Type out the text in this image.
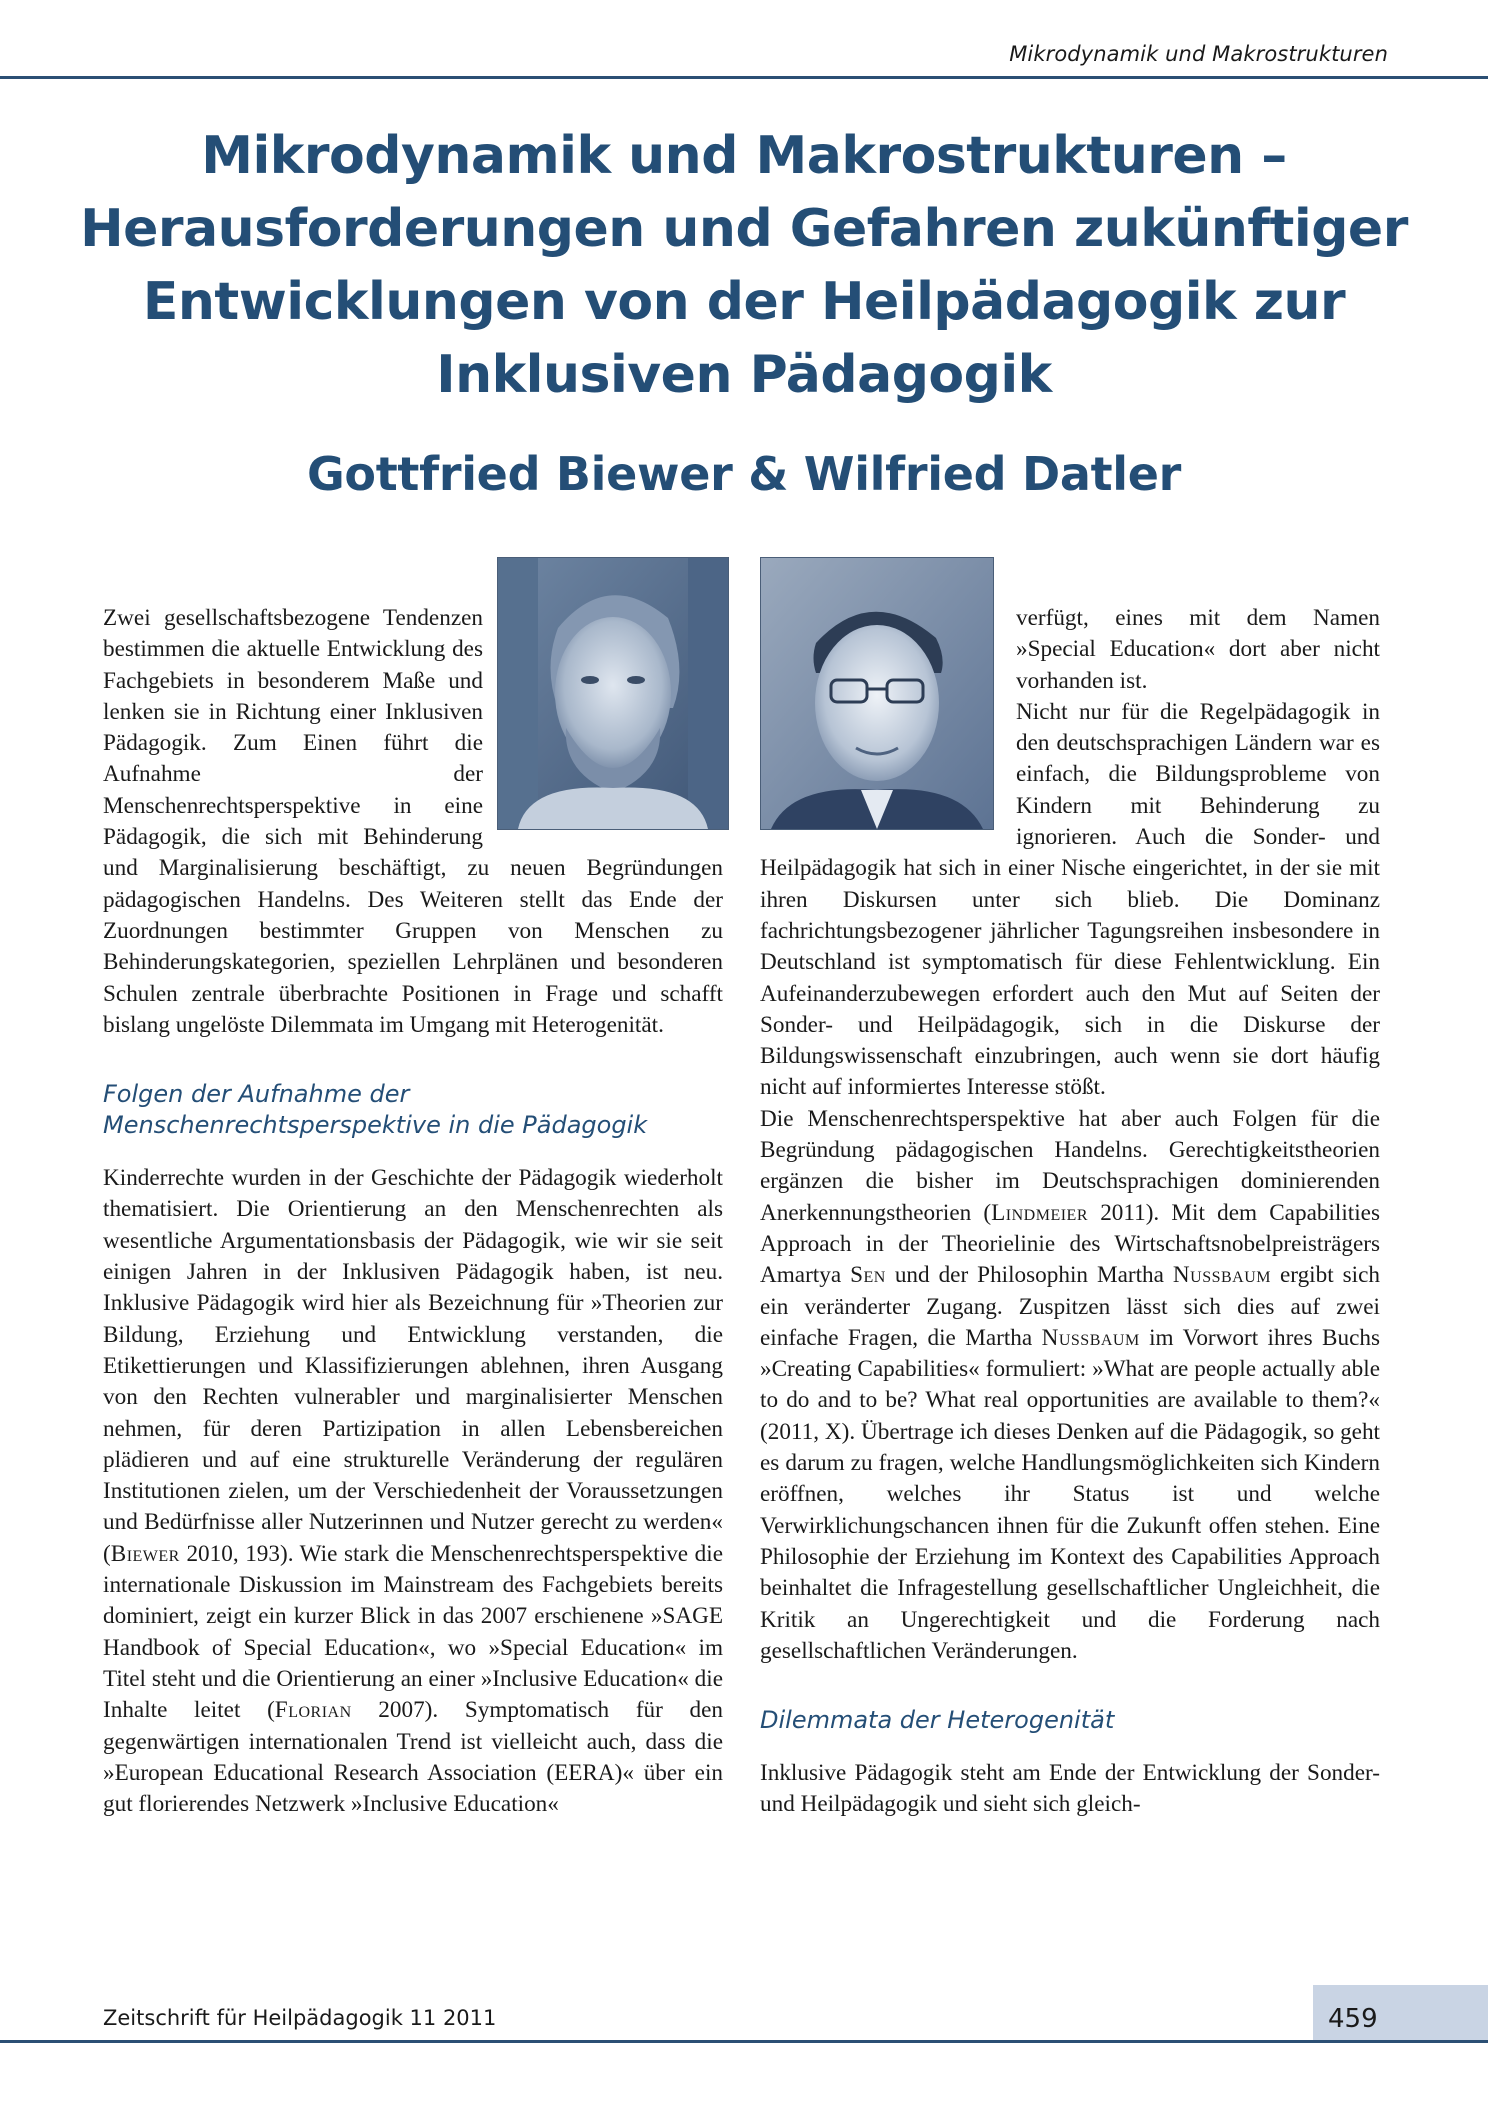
Mikrodynamik und Makrostrukturen
Mikrodynamik und Makrostrukturen –
Herausforderungen und Gefahren zukünftiger
Entwicklungen von der Heilpädagogik zur
Inklusiven Pädagogik
Gottfried Biewer & Wilfried Datler

Zwei gesellschaftsbezogene Tendenzen bestimmen die aktuelle Entwicklung des Fachgebiets in besonderem Maße und lenken sie in Richtung einer Inklusiven Pädagogik. Zum Einen führt die Aufnahme der Menschenrechtsperspektive in eine Pädagogik, die sich mit Behinderung und Marginalisierung beschäftigt, zu neuen Begründungen pädagogischen Handelns. Des Weiteren stellt das Ende der Zuordnungen bestimmter Gruppen von Menschen zu Behinderungskategorien, speziellen Lehrplänen und besonderen Schulen zentrale überbrachte Positionen in Frage und schafft bislang ungelöste Dilemmata im Umgang mit Heterogenität.

Folgen der Aufnahme der Menschenrechtsperspektive in die Pädagogik

Kinderrechte wurden in der Geschichte der Pädagogik wiederholt thematisiert. Die Orientierung an den Menschenrechten als wesentliche Argumentationsbasis der Pädagogik, wie wir sie seit einigen Jahren in der Inklusiven Pädagogik haben, ist neu. Inklusive Pädagogik wird hier als Bezeichnung für »Theorien zur Bildung, Erziehung und Entwicklung verstanden, die Etikettierungen und Klassifizierungen ablehnen, ihren Ausgang von den Rechten vulnerabler und marginalisierter Menschen nehmen, für deren Partizipation in allen Lebensbereichen plädieren und auf eine strukturelle Veränderung der regulären Institutionen zielen, um der Verschiedenheit der Voraussetzungen und Bedürfnisse aller Nutzerinnen und Nutzer gerecht zu werden« (Biewer 2010, 193). Wie stark die Menschenrechtsperspektive die internationale Diskussion im Mainstream des Fachgebiets bereits dominiert, zeigt ein kurzer Blick in das 2007 erschienene »SAGE Handbook of Special Education«, wo »Special Education« im Titel steht und die Orientierung an einer »Inclusive Education« die Inhalte leitet (Florian 2007). Symptomatisch für den gegenwärtigen internationalen Trend ist vielleicht auch, dass die »European Educational Research Association (EERA)« über ein gut florierendes Netzwerk »Inclusive Education«

verfügt, eines mit dem Namen »Special Education« dort aber nicht vorhanden ist.

Nicht nur für die Regelpädagogik in den deutschsprachigen Ländern war es einfach, die Bildungsprobleme von Kindern mit Behinderung zu ignorieren. Auch die Sonder- und Heilpädagogik hat sich in einer Nische eingerichtet, in der sie mit ihren Diskursen unter sich blieb. Die Dominanz fachrichtungsbezogener jährlicher Tagungsreihen insbesondere in Deutschland ist symptomatisch für diese Fehlentwicklung. Ein Aufeinanderzubewegen erfordert auch den Mut auf Seiten der Sonder- und Heilpädagogik, sich in die Diskurse der Bildungswissenschaft einzubringen, auch wenn sie dort häufig nicht auf informiertes Interesse stößt.

Die Menschenrechtsperspektive hat aber auch Folgen für die Begründung pädagogischen Handelns. Gerechtigkeitstheorien ergänzen die bisher im Deutschsprachigen dominierenden Anerkennungstheorien (Lindmeier 2011). Mit dem Capabilities Approach in der Theorielinie des Wirtschaftsnobelpreisträgers Amartya Sen und der Philosophin Martha Nussbaum ergibt sich ein veränderter Zugang. Zuspitzen lässt sich dies auf zwei einfache Fragen, die Martha Nussbaum im Vorwort ihres Buchs »Creating Capabilities« formuliert: »What are people actually able to do and to be? What real opportunities are available to them?« (2011, X). Übertrage ich dieses Denken auf die Pädagogik, so geht es darum zu fragen, welche Handlungsmöglichkeiten sich Kindern eröffnen, welches ihr Status ist und welche Verwirklichungschancen ihnen für die Zukunft offen stehen. Eine Philosophie der Erziehung im Kontext des Capabilities Approach beinhaltet die Infragestellung gesellschaftlicher Ungleichheit, die Kritik an Ungerechtigkeit und die Forderung nach gesellschaftlichen Veränderungen.

Dilemmata der Heterogenität

Inklusive Pädagogik steht am Ende der Entwicklung der Sonder- und Heilpädagogik und sieht sich gleich-

Zeitschrift für Heilpädagogik 11 2011	459
